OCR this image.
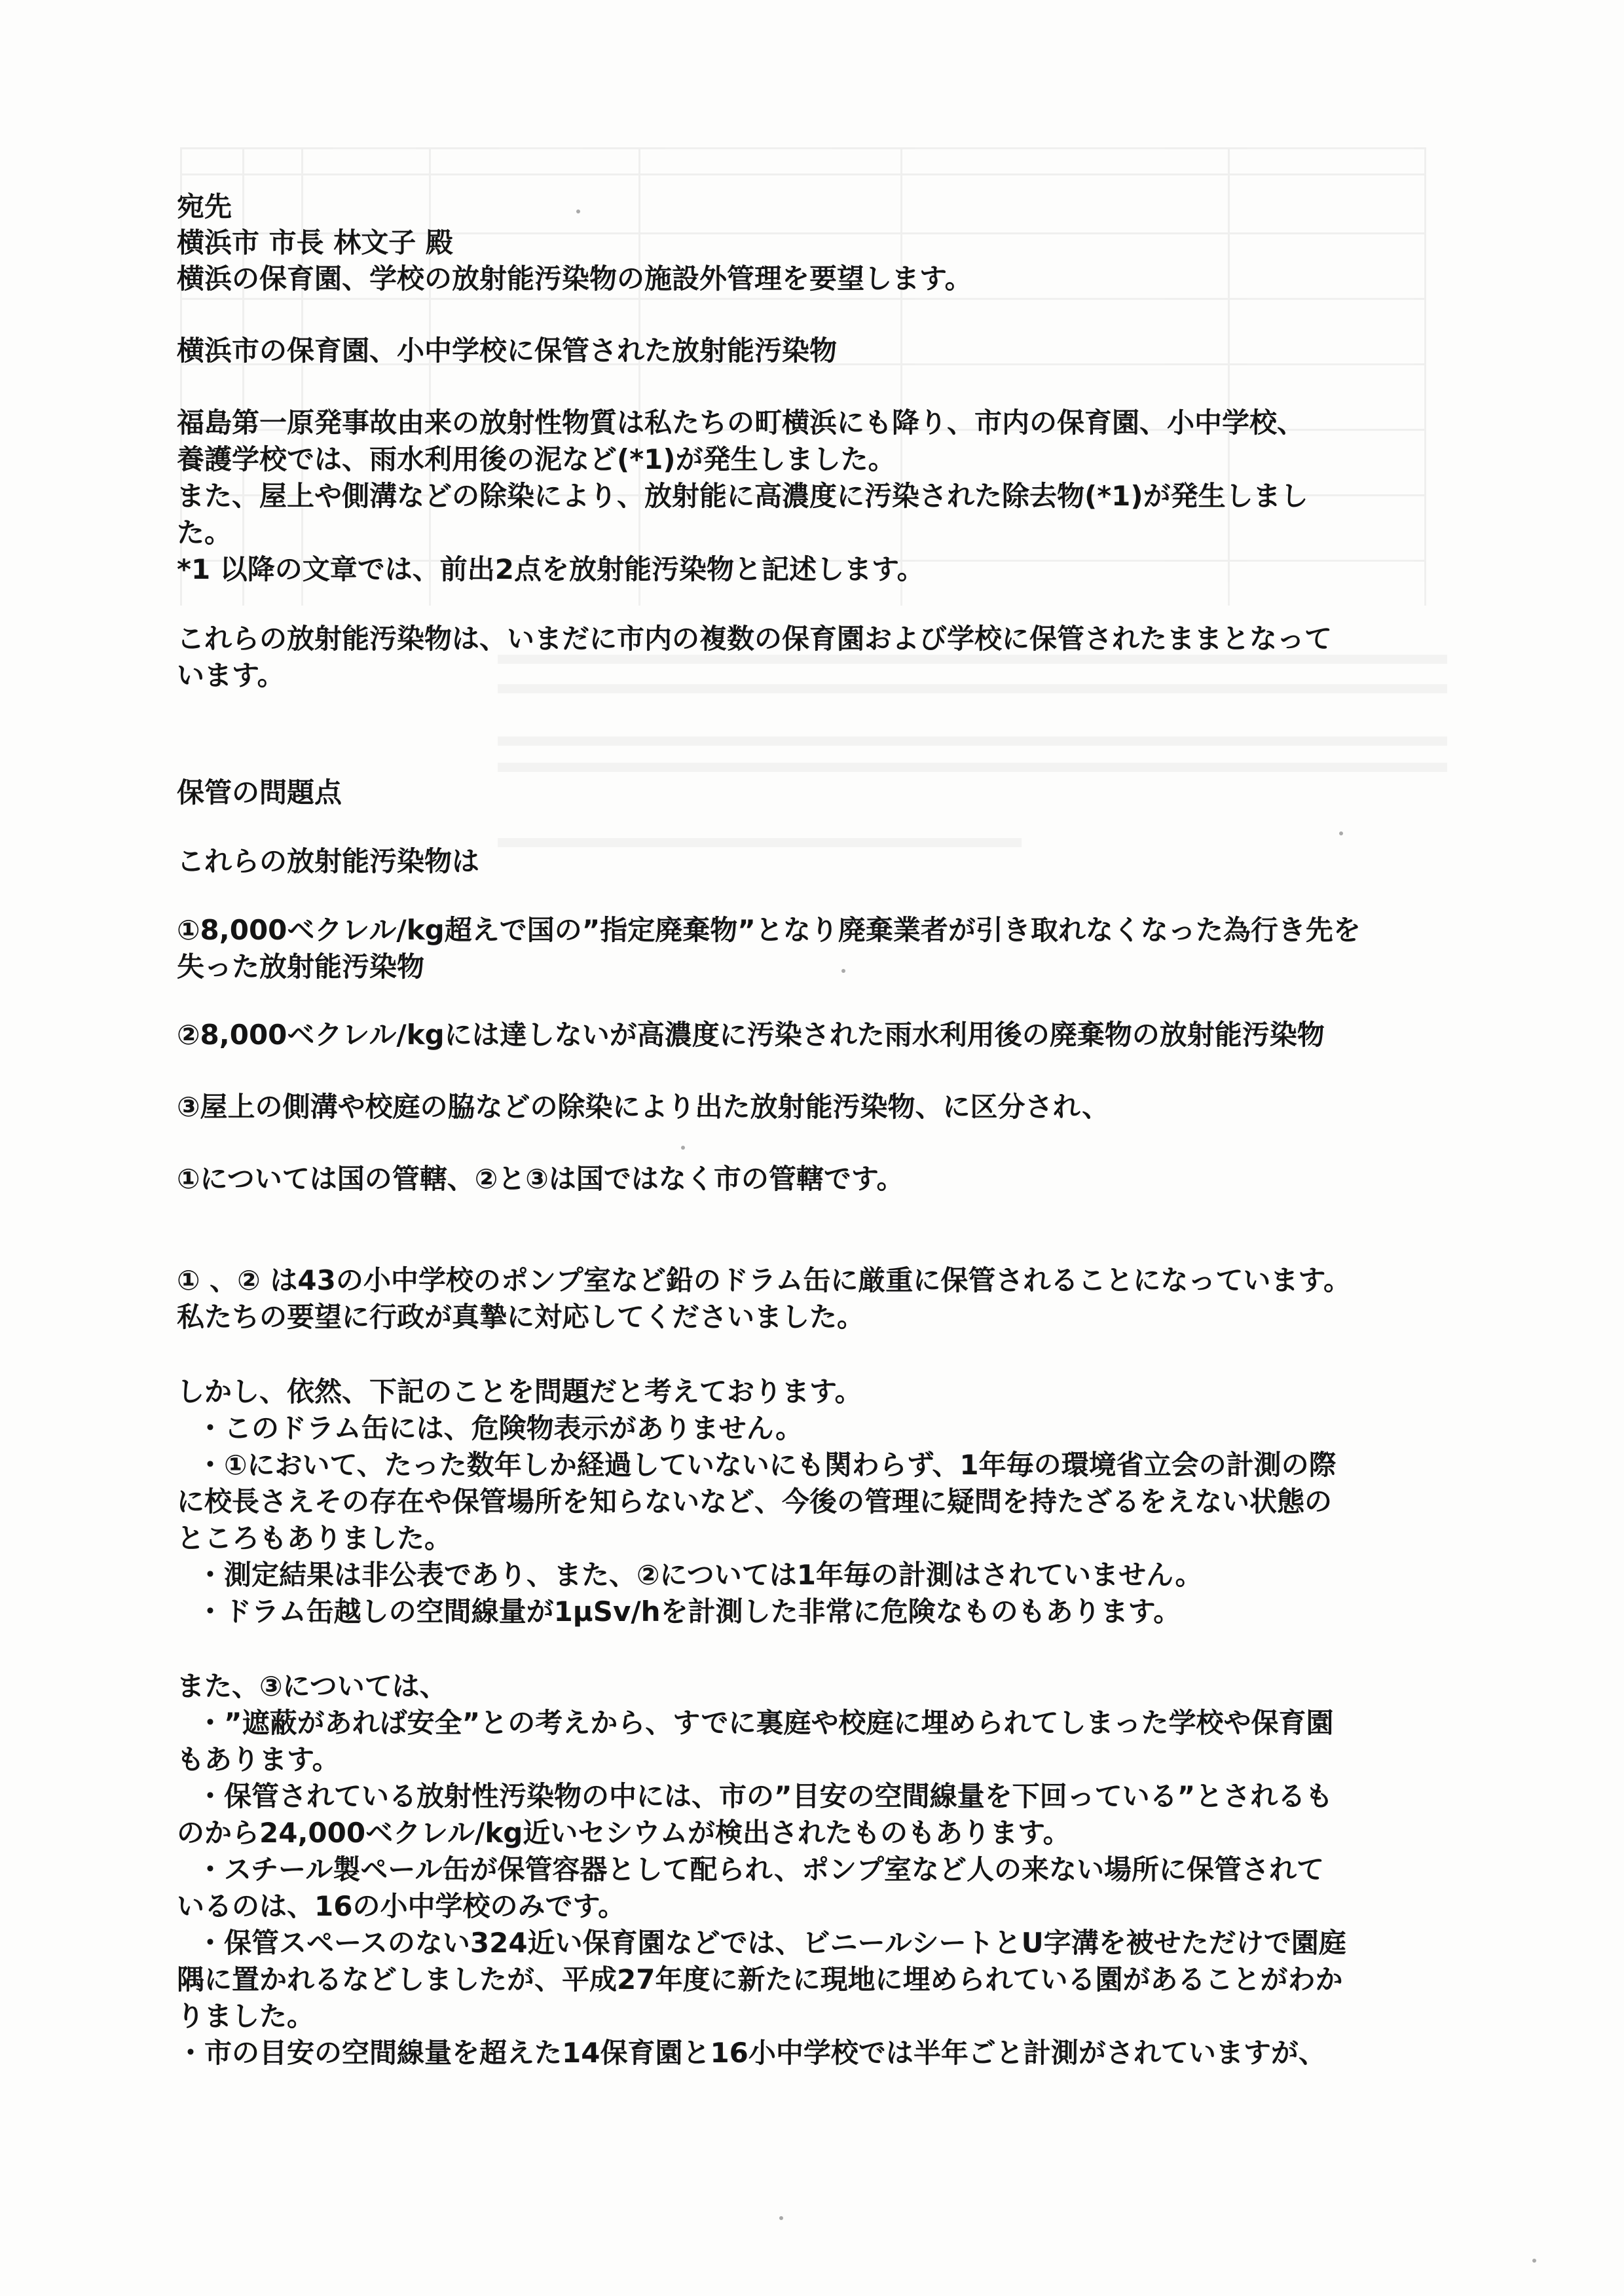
宛先
横浜市 市長 林文子 殿
横浜の保育園、学校の放射能汚染物の施設外管理を要望します。
横浜市の保育園、小中学校に保管された放射能汚染物
福島第一原発事故由来の放射性物質は私たちの町横浜にも降り、市内の保育園、小中学校、
養護学校では、雨水利用後の泥など(*1)が発生しました。
また、屋上や側溝などの除染により、放射能に高濃度に汚染された除去物(*1)が発生しまし
た。
*1 以降の文章では、前出2点を放射能汚染物と記述します。
これらの放射能汚染物は、いまだに市内の複数の保育園および学校に保管されたままとなって
います。
保管の問題点
これらの放射能汚染物は
①8,000ベクレル/kg超えで国の”指定廃棄物”となり廃棄業者が引き取れなくなった為行き先を
失った放射能汚染物
②8,000ベクレル/kgには達しないが高濃度に汚染された雨水利用後の廃棄物の放射能汚染物
③屋上の側溝や校庭の脇などの除染により出た放射能汚染物、に区分され、
①については国の管轄、②と③は国ではなく市の管轄です。
① 、② は43の小中学校のポンプ室など鉛のドラム缶に厳重に保管されることになっています。
私たちの要望に行政が真摯に対応してくださいました。
しかし、依然、下記のことを問題だと考えております。
・このドラム缶には、危険物表示がありません。
・①において、たった数年しか経過していないにも関わらず、1年毎の環境省立会の計測の際
に校長さえその存在や保管場所を知らないなど、今後の管理に疑問を持たざるをえない状態の
ところもありました。
・測定結果は非公表であり、また、②については1年毎の計測はされていません。
・ドラム缶越しの空間線量が1μSv/hを計測した非常に危険なものもあります。
また、③については、
・”遮蔽があれば安全”との考えから、すでに裏庭や校庭に埋められてしまった学校や保育園
もあります。
・保管されている放射性汚染物の中には、市の”目安の空間線量を下回っている”とされるも
のから24,000ベクレル/kg近いセシウムが検出されたものもあります。
・スチール製ペール缶が保管容器として配られ、ポンプ室など人の来ない場所に保管されて
いるのは、16の小中学校のみです。
・保管スペースのない324近い保育園などでは、ビニールシートとU字溝を被せただけで園庭
隅に置かれるなどしましたが、平成27年度に新たに現地に埋められている園があることがわか
りました。
・市の目安の空間線量を超えた14保育園と16小中学校では半年ごと計測がされていますが、
